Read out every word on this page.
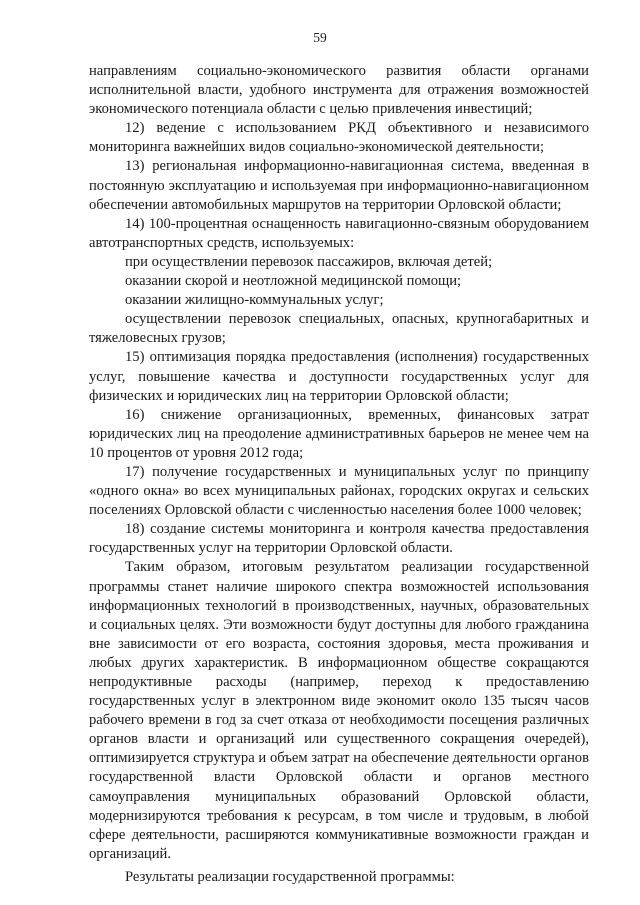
59

направлениям социально-экономического развития области органами исполнительной власти, удобного инструмента для отражения возможностей экономического потенциала области с целью привлечения инвестиций;

12) ведение с использованием РКД объективного и независимого мониторинга важнейших видов социально-экономической деятельности;

13) региональная информационно-навигационная система, введенная в постоянную эксплуатацию и используемая при информационно-навигационном обеспечении автомобильных маршрутов на территории Орловской области;

14) 100-процентная оснащенность навигационно-связным оборудованием автотранспортных средств, используемых:

при осуществлении перевозок пассажиров, включая детей;

оказании скорой и неотложной медицинской помощи;

оказании жилищно-коммунальных услуг;

осуществлении перевозок специальных, опасных, крупногабаритных и тяжеловесных грузов;

15) оптимизация порядка предоставления (исполнения) государственных услуг, повышение качества и доступности государственных услуг для физических и юридических лиц на территории Орловской области;

16) снижение организационных, временных, финансовых затрат юридических лиц на преодоление административных барьеров не менее чем на 10 процентов от уровня 2012 года;

17) получение государственных и муниципальных услуг по принципу «одного окна» во всех муниципальных районах, городских округах и сельских поселениях Орловской области с численностью населения более 1000 человек;

18) создание системы мониторинга и контроля качества предоставления государственных услуг на территории Орловской области.

Таким образом, итоговым результатом реализации государственной программы станет наличие широкого спектра возможностей использования информационных технологий в производственных, научных, образовательных и социальных целях. Эти возможности будут доступны для любого гражданина вне зависимости от его возраста, состояния здоровья, места проживания и любых других характеристик. В информационном обществе сокращаются непродуктивные расходы (например, переход к предоставлению государственных услуг в электронном виде экономит около 135 тысяч часов рабочего времени в год за счет отказа от необходимости посещения различных органов власти и организаций или существенного сокращения очередей), оптимизируется структура и объем затрат на обеспечение деятельности органов государственной власти Орловской области и органов местного самоуправления муниципальных образований Орловской области, модернизируются требования к ресурсам, в том числе и трудовым, в любой сфере деятельности, расширяются коммуникативные возможности граждан и организаций.

Результаты реализации государственной программы:
